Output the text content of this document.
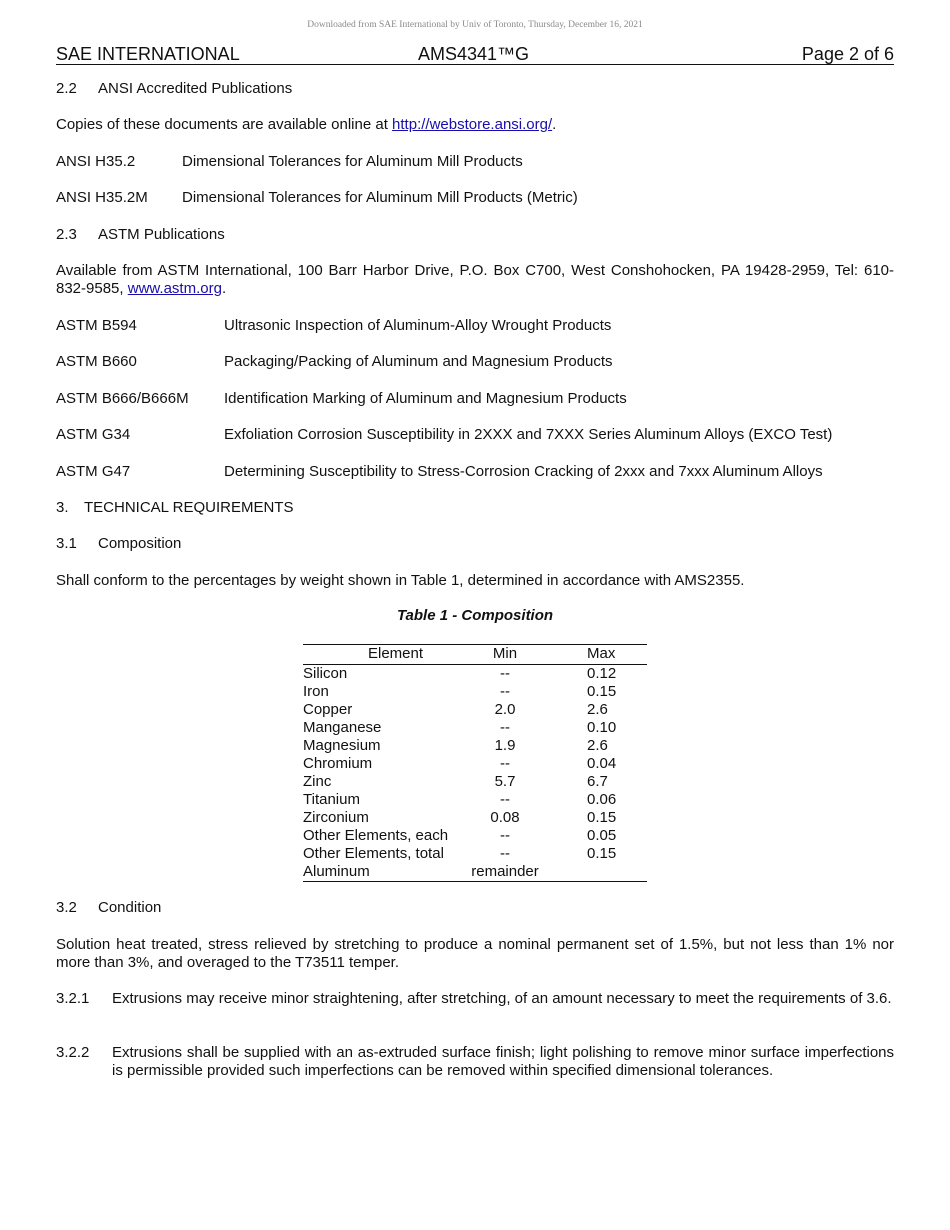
Downloaded from SAE International by Univ of Toronto, Thursday, December 16, 2021
SAE INTERNATIONAL	AMS4341™G	Page 2 of 6
2.2 ANSI Accredited Publications
Copies of these documents are available online at http://webstore.ansi.org/.
ANSI H35.2	Dimensional Tolerances for Aluminum Mill Products
ANSI H35.2M Dimensional Tolerances for Aluminum Mill Products (Metric)
2.3 ASTM Publications
Available from ASTM International, 100 Barr Harbor Drive, P.O. Box C700, West Conshohocken, PA 19428-2959, Tel: 610-832-9585, www.astm.org.
ASTM B594	Ultrasonic Inspection of Aluminum-Alloy Wrought Products
ASTM B660	Packaging/Packing of Aluminum and Magnesium Products
ASTM B666/B666M Identification Marking of Aluminum and Magnesium Products
ASTM G34	Exfoliation Corrosion Susceptibility in 2XXX and 7XXX Series Aluminum Alloys (EXCO Test)
ASTM G47	Determining Susceptibility to Stress-Corrosion Cracking of 2xxx and 7xxx Aluminum Alloys
3. TECHNICAL REQUIREMENTS
3.1 Composition
Shall conform to the percentages by weight shown in Table 1, determined in accordance with AMS2355.
Table 1 - Composition
Element	Min	Max
Silicon	--	0.12
Iron	--	0.15
Copper	2.0	2.6
Manganese	--	0.10
Magnesium	1.9	2.6
Chromium	--	0.04
Zinc	5.7	6.7
Titanium	--	0.06
Zirconium	0.08	0.15
Other Elements, each	--	0.05
Other Elements, total	--	0.15
Aluminum	remainder
3.2 Condition
Solution heat treated, stress relieved by stretching to produce a nominal permanent set of 1.5%, but not less than 1% nor more than 3%, and overaged to the T73511 temper.
3.2.1 Extrusions may receive minor straightening, after stretching, of an amount necessary to meet the requirements of 3.6.
3.2.2 Extrusions shall be supplied with an as-extruded surface finish; light polishing to remove minor surface imperfections is permissible provided such imperfections can be removed within specified dimensional tolerances.
